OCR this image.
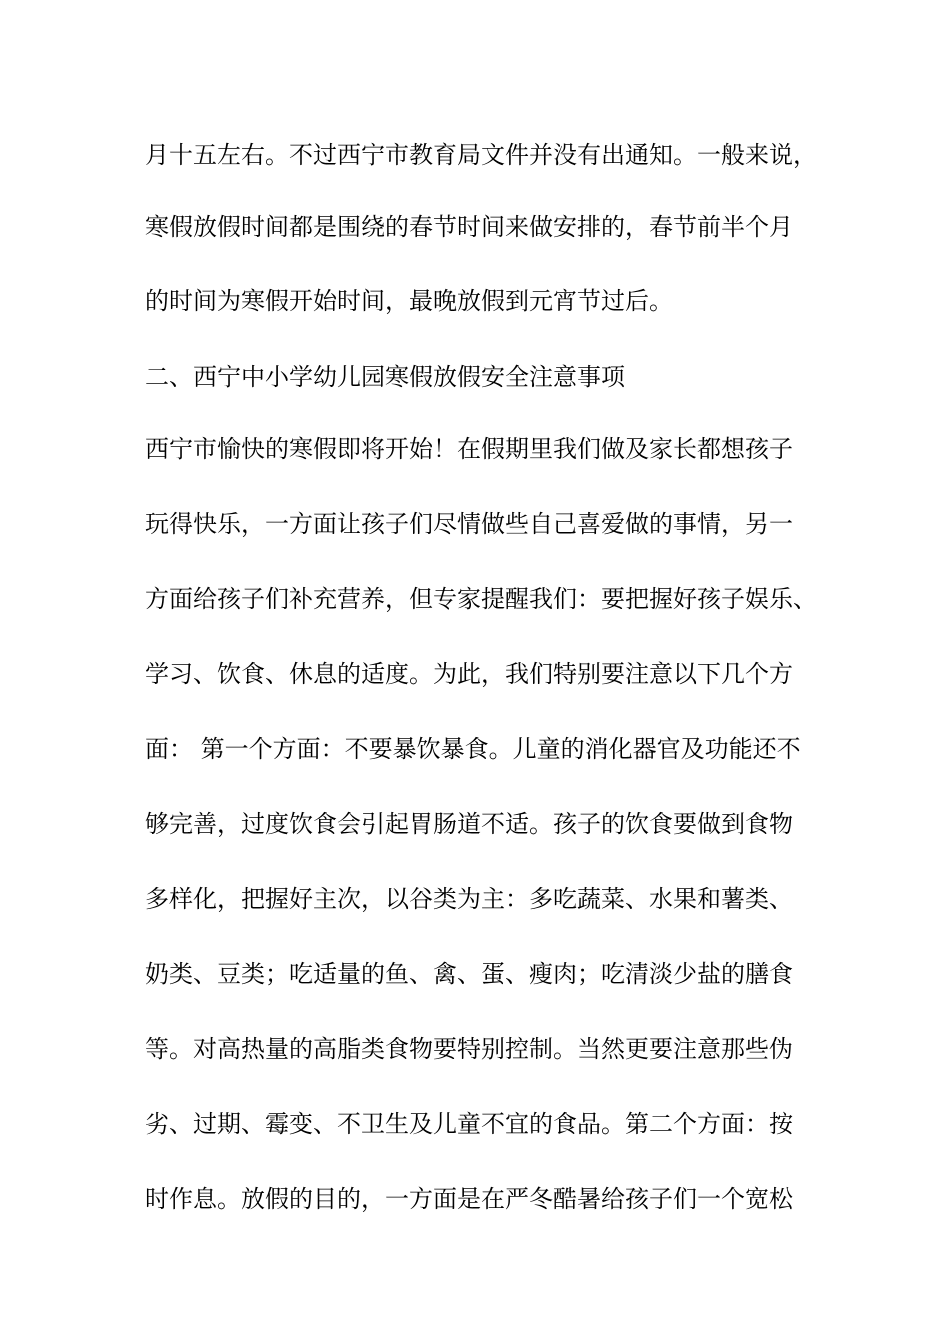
月十五左右。不过西宁市教育局文件并没有出通知。一般来说，

寒假放假时间都是围绕的春节时间来做安排的，春节前半个月

的时间为寒假开始时间，最晚放假到元宵节过后。

二、西宁中小学幼儿园寒假放假安全注意事项

西宁市愉快的寒假即将开始！在假期里我们做及家长都想孩子

玩得快乐，一方面让孩子们尽情做些自己喜爱做的事情，另一

方面给孩子们补充营养，但专家提醒我们：要把握好孩子娱乐、

学习、饮食、休息的适度。为此，我们特别要注意以下几个方

面： 第一个方面：不要暴饮暴食。儿童的消化器官及功能还不

够完善，过度饮食会引起胃肠道不适。孩子的饮食要做到食物

多样化，把握好主次，以谷类为主：多吃蔬菜、水果和薯类、

奶类、豆类；吃适量的鱼、禽、蛋、瘦肉；吃清淡少盐的膳食

等。对高热量的高脂类食物要特别控制。当然更要注意那些伪

劣、过期、霉变、不卫生及儿童不宜的食品。第二个方面：按

时作息。放假的目的，一方面是在严冬酷暑给孩子们一个宽松
